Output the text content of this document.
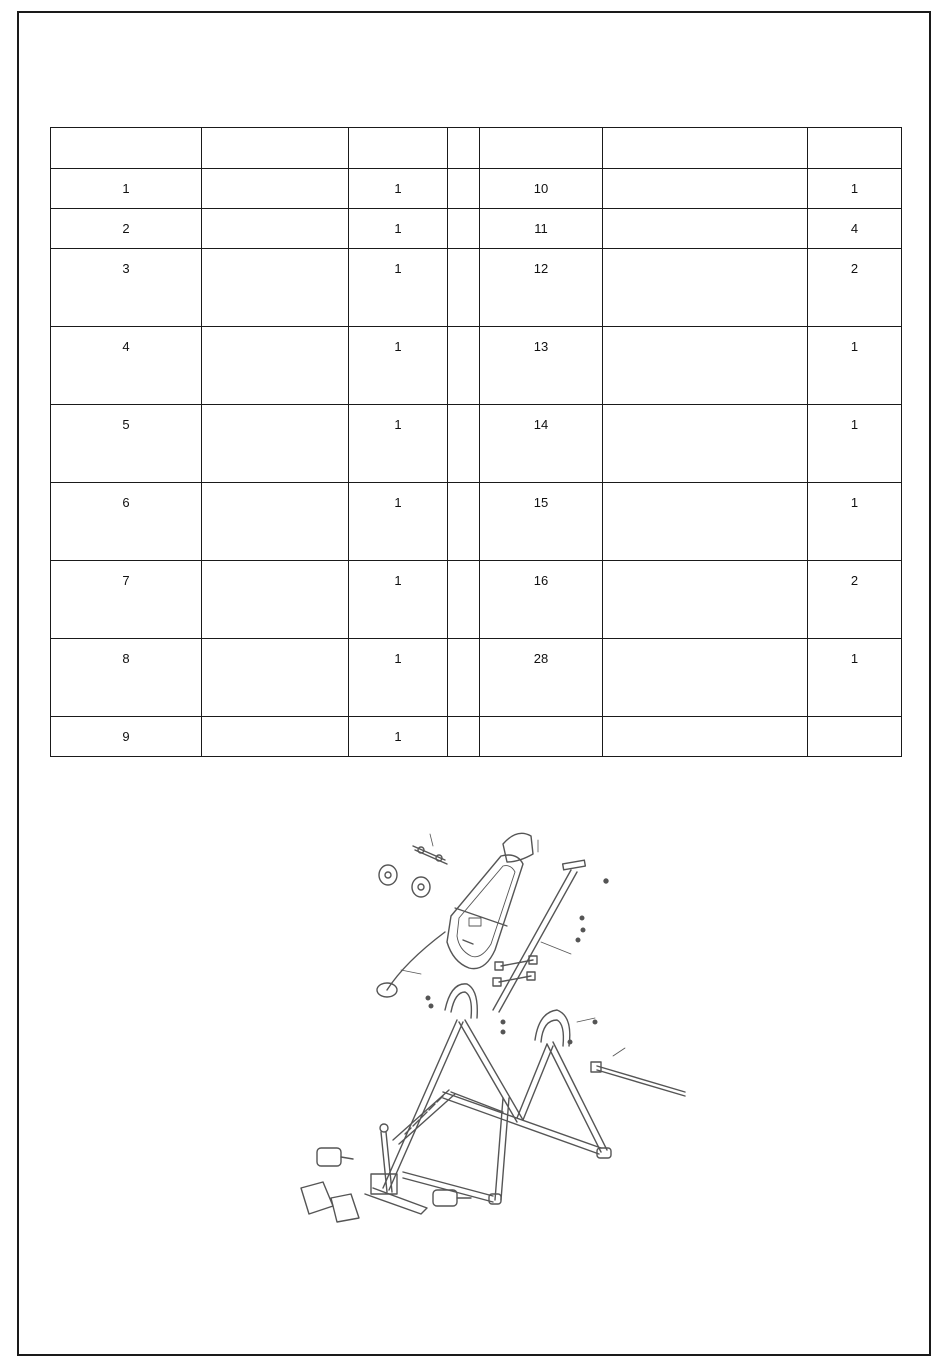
1		1		10		1
2		1		11		4
3		1		12		2
4		1		13		1
5		1		14		1
6		1		15		1
7		1		16		2
8		1		28		1
9		1				
